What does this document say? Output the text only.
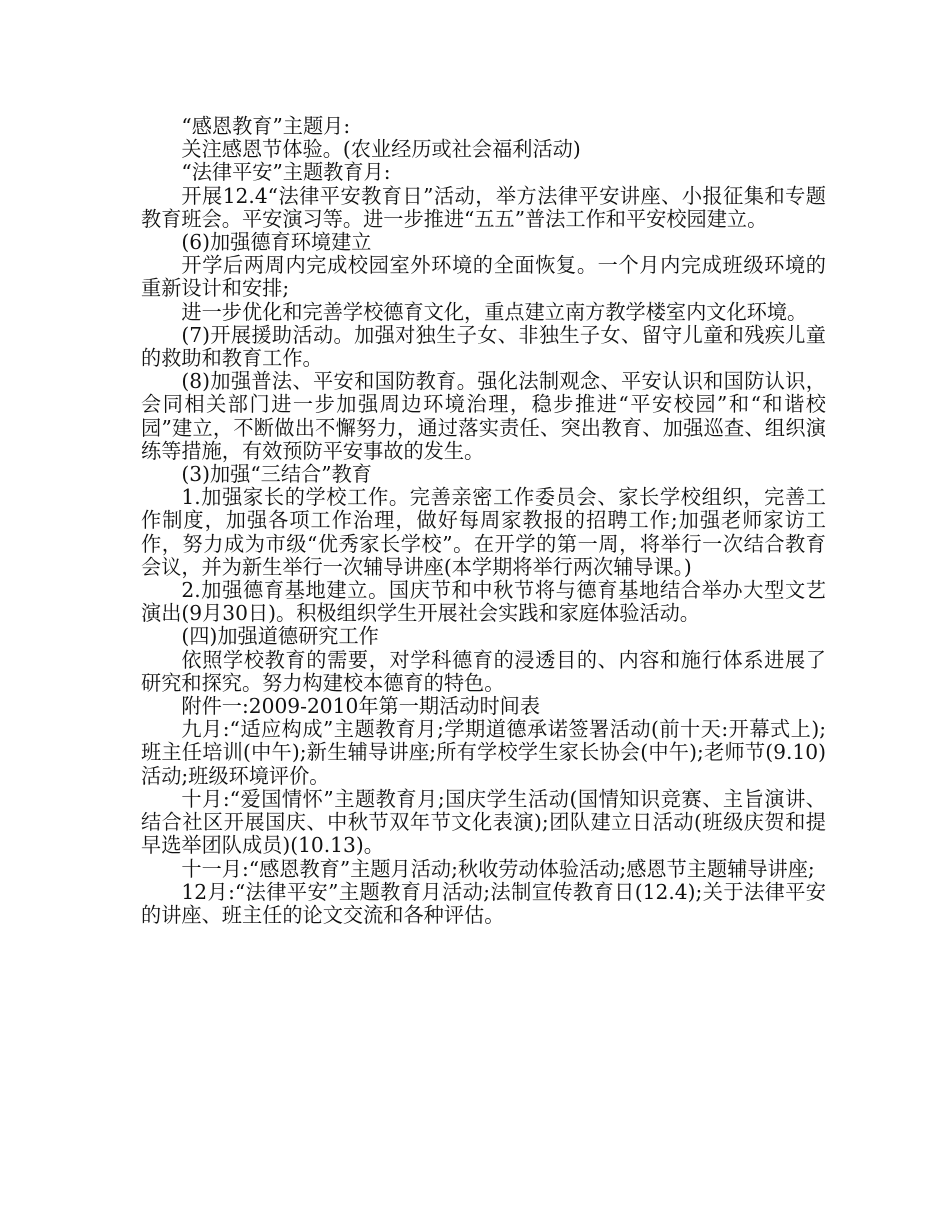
“感恩教育”主题月:

关注感恩节体验。(农业经历或社会福利活动)

“法律平安”主题教育月:

开展12.4“法律平安教育日”活动，举方法律平安讲座、小报征集和专题教育班会。平安演习等。进一步推进“五五”普法工作和平安校园建立。

(6)加强德育环境建立

开学后两周内完成校园室外环境的全面恢复。一个月内完成班级环境的重新设计和安排;

进一步优化和完善学校德育文化，重点建立南方教学楼室内文化环境。

(7)开展援助活动。加强对独生子女、非独生子女、留守儿童和残疾儿童的救助和教育工作。

(8)加强普法、平安和国防教育。强化法制观念、平安认识和国防认识，会同相关部门进一步加强周边环境治理，稳步推进“平安校园”和“和谐校园”建立，不断做出不懈努力，通过落实责任、突出教育、加强巡查、组织演练等措施，有效预防平安事故的发生。

(3)加强“三结合”教育

1.加强家长的学校工作。完善亲密工作委员会、家长学校组织，完善工作制度，加强各项工作治理，做好每周家教报的招聘工作;加强老师家访工作，努力成为市级“优秀家长学校”。在开学的第一周，将举行一次结合教育会议，并为新生举行一次辅导讲座(本学期将举行两次辅导课。)

2.加强德育基地建立。国庆节和中秋节将与德育基地结合举办大型文艺演出(9月30日)。积极组织学生开展社会实践和家庭体验活动。

(四)加强道德研究工作

依照学校教育的需要，对学科德育的浸透目的、内容和施行体系进展了研究和探究。努力构建校本德育的特色。

附件一:2009-2010年第一期活动时间表

九月:“适应构成”主题教育月;学期道德承诺签署活动(前十天:开幕式上);班主任培训(中午);新生辅导讲座;所有学校学生家长协会(中午);老师节(9.10)活动;班级环境评价。

十月:“爱国情怀”主题教育月;国庆学生活动(国情知识竞赛、主旨演讲、结合社区开展国庆、中秋节双年节文化表演);团队建立日活动(班级庆贺和提早选举团队成员)(10.13)。

十一月:“感恩教育”主题月活动;秋收劳动体验活动;感恩节主题辅导讲座;

12月:“法律平安”主题教育月活动;法制宣传教育日(12.4);关于法律平安的讲座、班主任的论文交流和各种评估。
